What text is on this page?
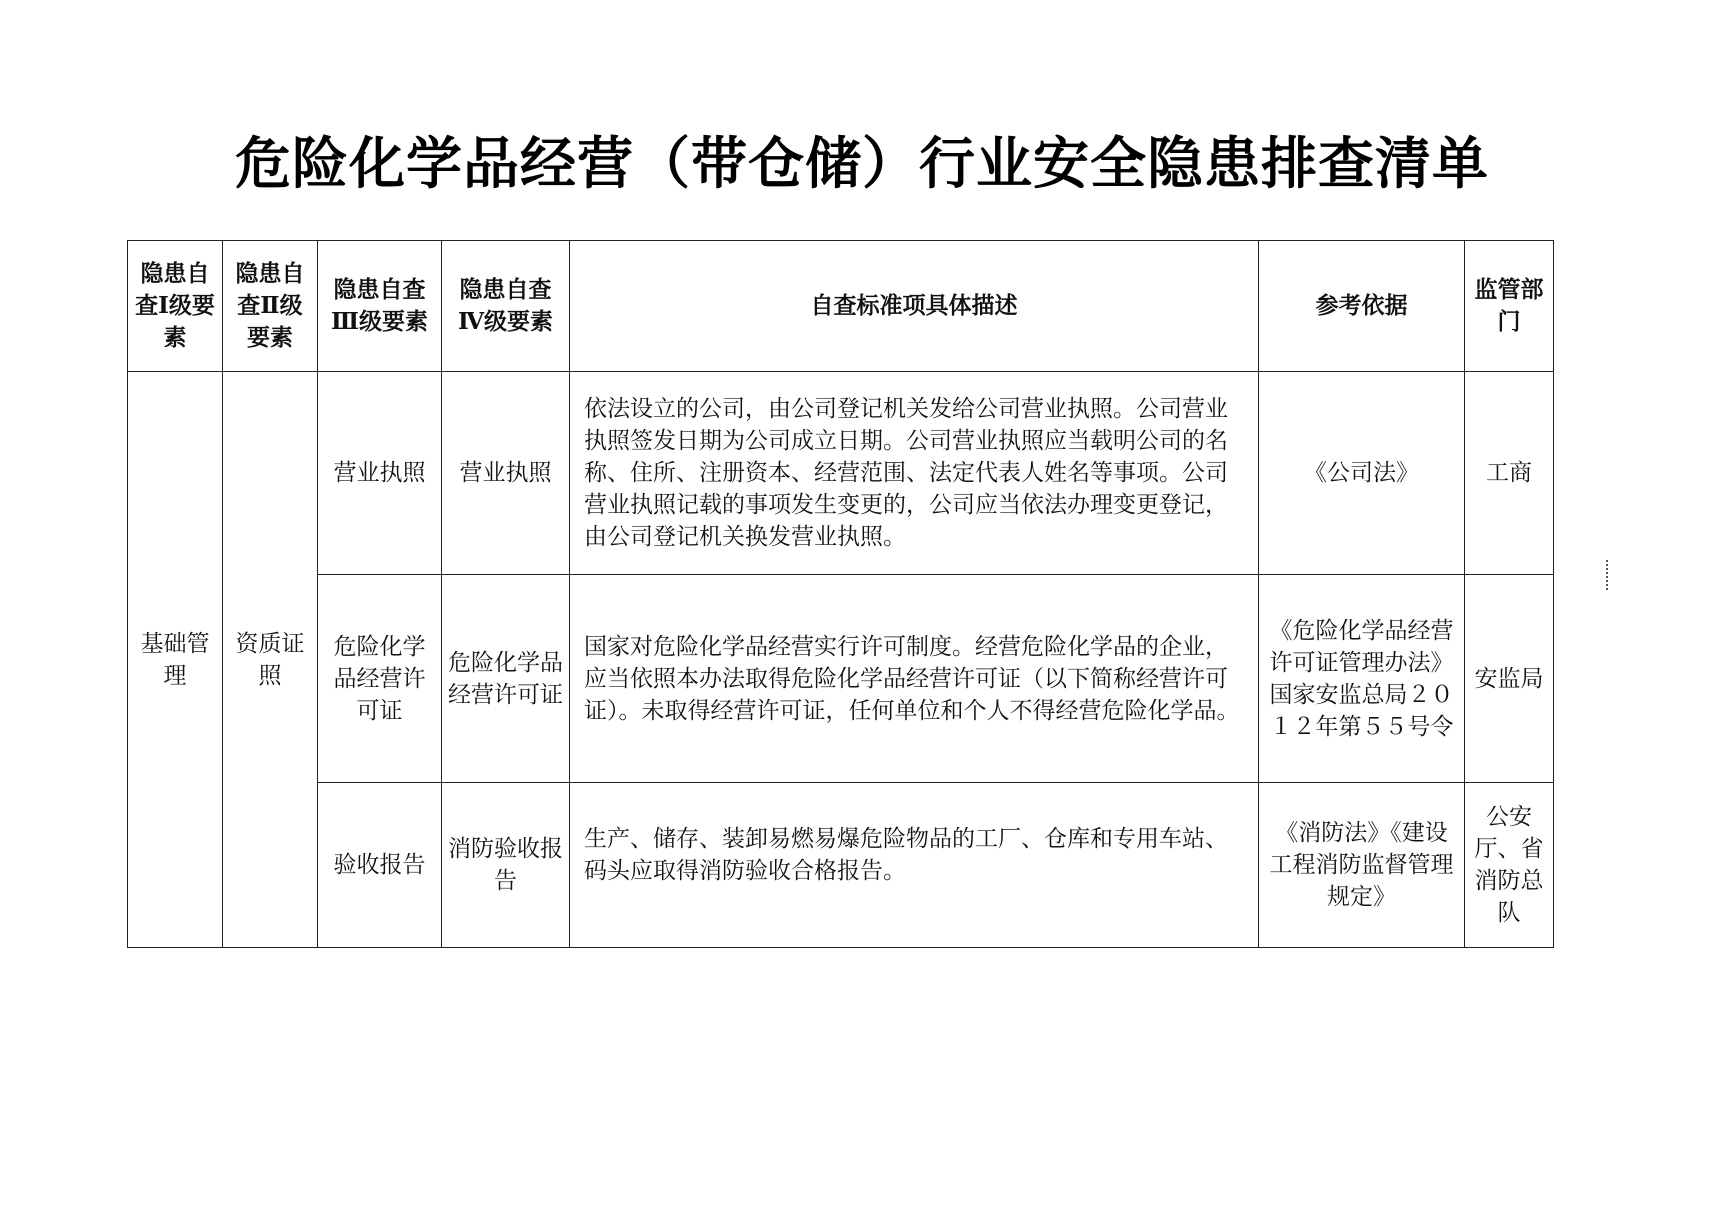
危险化学品经营（带仓储）行业安全隐患排查清单
隐患自查Ⅰ级要素	隐患自查Ⅱ级要素	隐患自查Ⅲ级要素	隐患自查Ⅳ级要素	自查标准项具体描述	参考依据	监管部门
基础管理	资质证照	营业执照	营业执照	依法设立的公司，由公司登记机关发给公司营业执照。公司营业执照签发日期为公司成立日期。公司营业执照应当载明公司的名称、住所、注册资本、经营范围、法定代表人姓名等事项。公司营业执照记载的事项发生变更的，公司应当依法办理变更登记，由公司登记机关换发营业执照。	《公司法》	工商
		危险化学品经营许可证	危险化学品经营许可证	国家对危险化学品经营实行许可制度。经营危险化学品的企业， 应当依照本办法取得危险化学品经营许可证（以下简称经营许可证）。未取得经营许可证，任何单位和个人不得经营危险化学品。	《危险化学品经营许可证管理办法》国家安监总局２０１２年第５５号令	安监局
		验收报告	消防验收报告	生产、储存、装卸易燃易爆危险物品的工厂、仓库和专用车站、码头应取得消防验收合格报告。	《消防法》《建设工程消防监督管理规定》	公安厅、省消防总队
